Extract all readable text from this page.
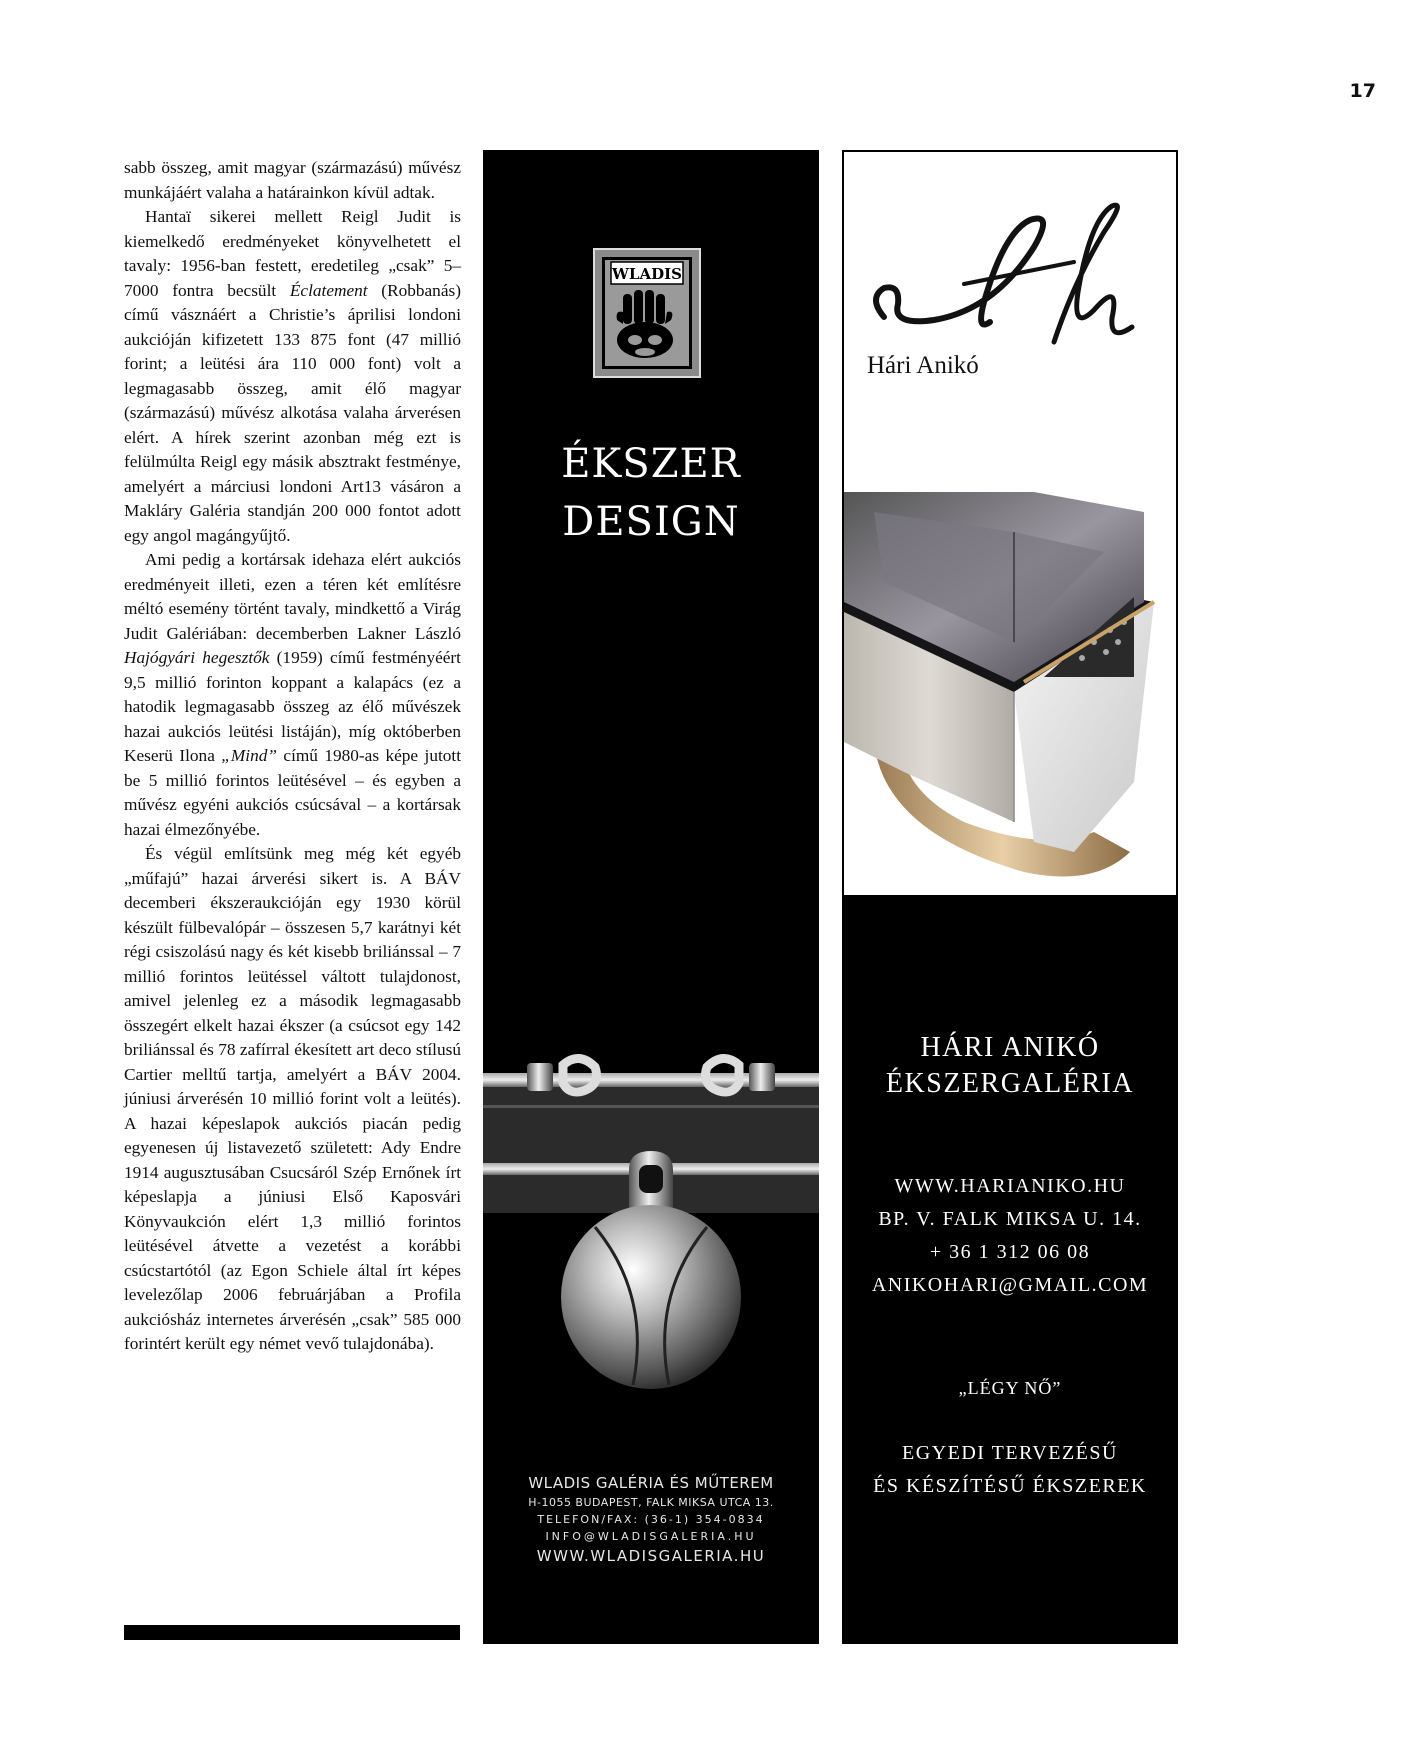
17

sabb összeg, amit magyar (származású) művész munkájáért valaha a határainkon kívül adtak.

Hantaï sikerei mellett Reigl Judit is kiemelkedő eredményeket könyvelhetett el tavaly: 1956-ban festett, eredetileg „csak” 5–7000 fontra becsült Éclatement (Robbanás) című vásznáért a Christie’s áprilisi londoni aukcióján kifizetett 133 875 font (47 millió forint; a leütési ára 110 000 font) volt a legmagasabb összeg, amit élő magyar (származású) művész alkotása valaha árverésen elért. A hírek szerint azonban még ezt is felülmúlta Reigl egy másik absztrakt festménye, amelyért a márciusi londoni Art13 vásáron a Makláry Galéria standján 200 000 fontot adott egy angol magángyűjtő.

Ami pedig a kortársak idehaza elért aukciós eredményeit illeti, ezen a téren két említésre méltó esemény történt tavaly, mindkettő a Virág Judit Galériában: decemberben Lakner László Hajógyári hegesztők (1959) című festményéért 9,5 millió forinton koppant a kalapács (ez a hatodik legmagasabb összeg az élő művészek hazai aukciós leütési listáján), míg októberben Keserü Ilona „Mind” című 1980-as képe jutott be 5 millió forintos leütésével – és egyben a művész egyéni aukciós csúcsával – a kortársak hazai élmezőnyébe.

És végül említsünk meg még két egyéb „műfajú” hazai árverési sikert is. A BÁV decemberi ékszeraukcióján egy 1930 körül készült fülbevalópár – összesen 5,7 karátnyi két régi csiszolású nagy és két kisebb briliánssal – 7 millió forintos leütéssel váltott tulajdonost, amivel jelenleg ez a második legmagasabb összegért elkelt hazai ékszer (a csúcsot egy 142 briliánssal és 78 zafírral ékesített art deco stílusú Cartier melltű tartja, amelyért a BÁV 2004. júniusi árverésén 10 millió forint volt a leütés). A hazai képeslapok aukciós piacán pedig egyenesen új listavezető született: Ady Endre 1914 augusztusában Csucsáról Szép Ernőnek írt képeslapja a júniusi Első Kaposvári Könyvaukción elért 1,3 millió forintos leütésével átvette a vezetést a korábbi csúcstartótól (az Egon Schiele által írt képes levelezőlap 2006 februárjában a Profila aukciósház internetes árverésén „csak” 585 000 forintért került egy német vevő tulajdonába).

WLADIS
ÉKSZER
DESIGN
WLADIS GALÉRIA ÉS MŰTEREM
H-1055 BUDAPEST, FALK MIKSA UTCA 13.
TELEFON/FAX: (36-1) 354-0834
INFO@WLADISGALERIA.HU
WWW.WLADISGALERIA.HU
Hári Anikó
HÁRI ANIKÓ
ÉKSZERGALÉRIA
WWW.HARIANIKO.HU
BP. V. FALK MIKSA U. 14.
+ 36 1 312 06 08
ANIKOHARI@GMAIL.COM
„LÉGY NŐ”
EGYEDI TERVEZÉSŰ
ÉS KÉSZÍTÉSŰ ÉKSZEREK
